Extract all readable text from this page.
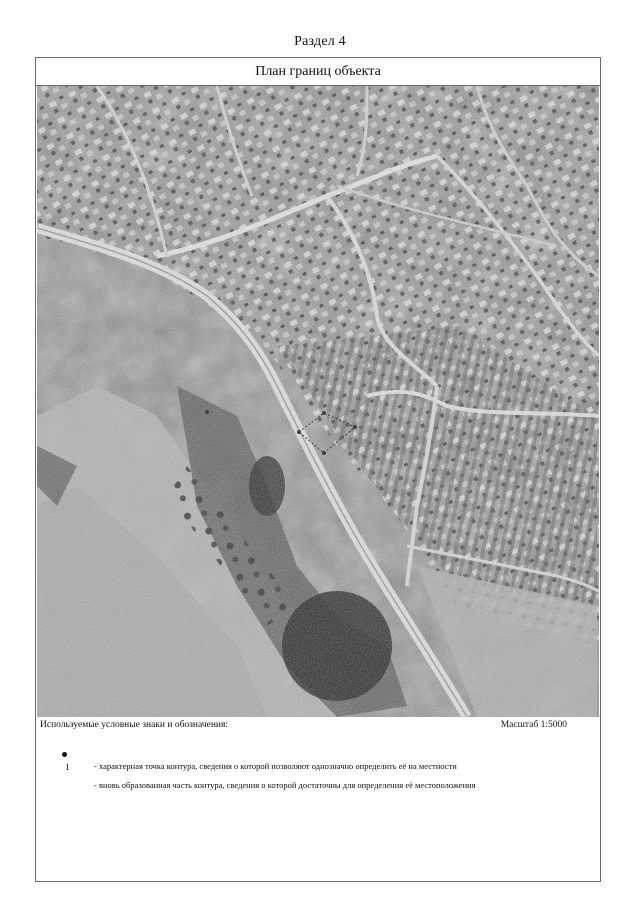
Раздел 4
План границ объекта
Используемые условные знаки и обозначения:	Масштаб 1:5000
1	- характерная точка контура, сведения о которой позволяют однозначно определить её на местности
- вновь образованная часть контура, сведения о которой достаточны для определения её местоположения
